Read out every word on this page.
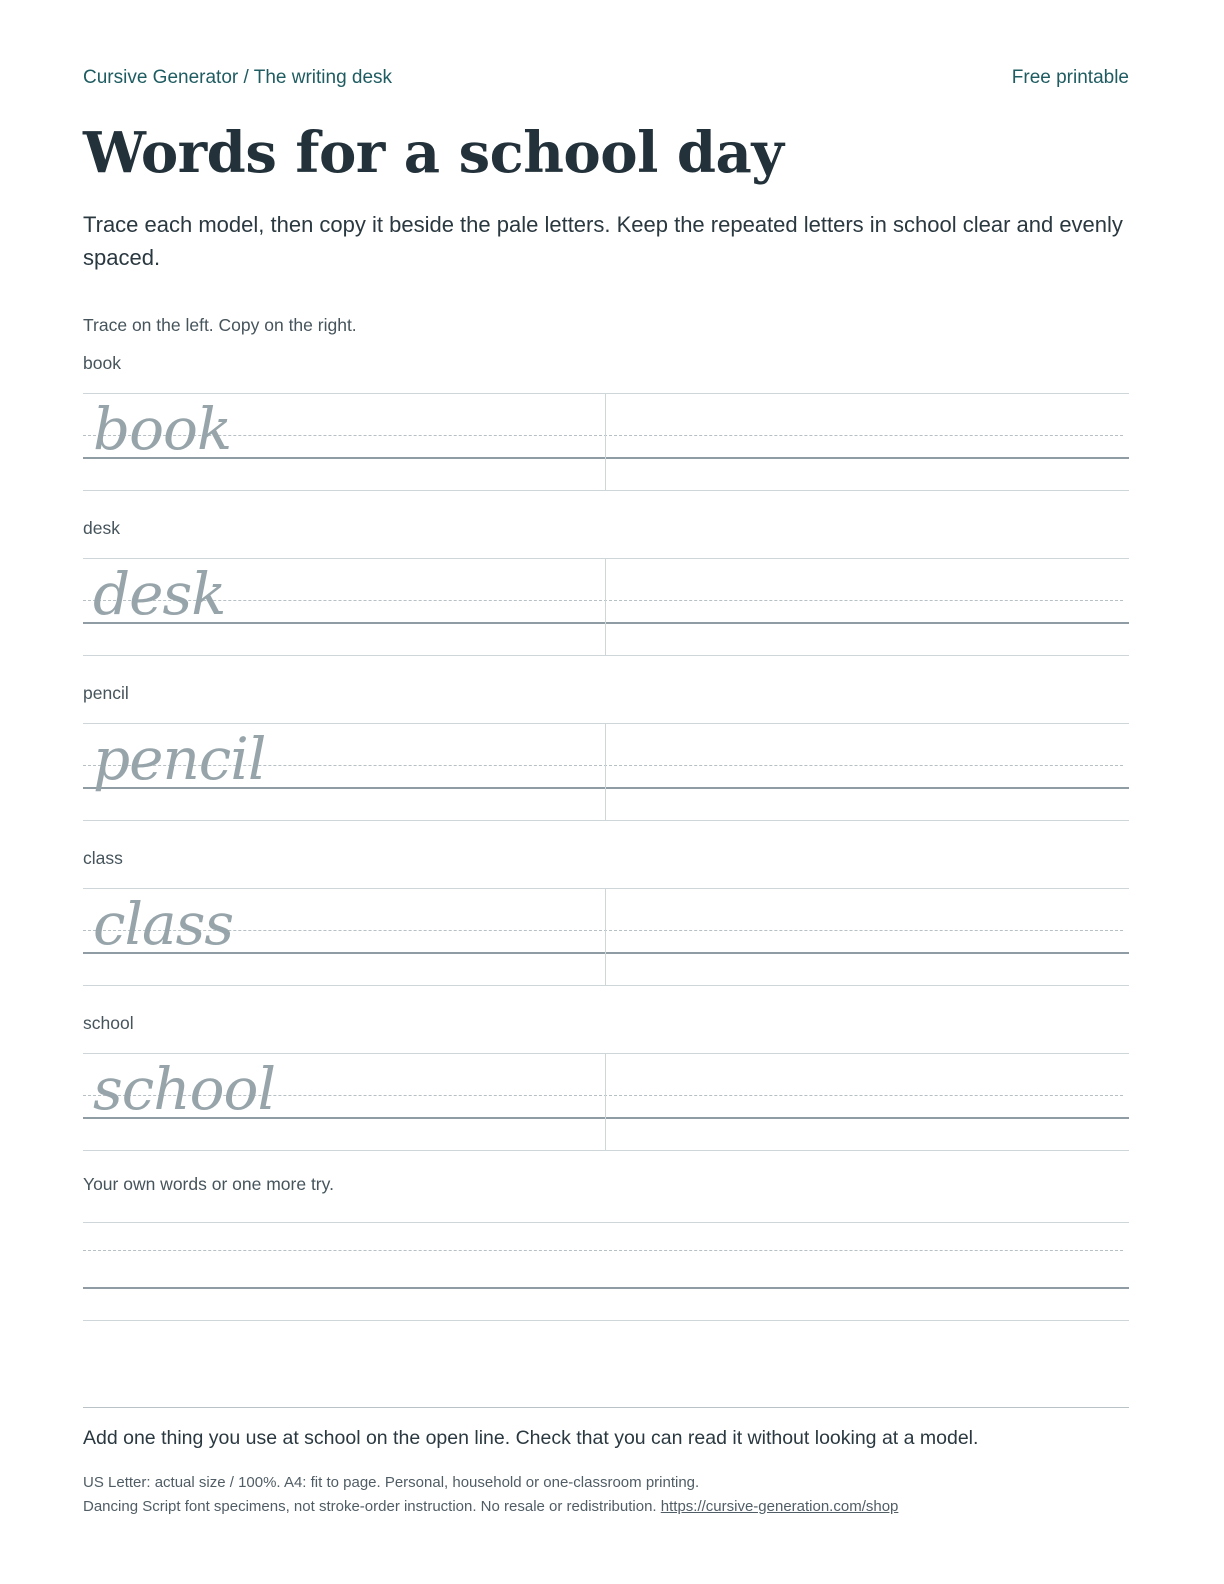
Cursive Generator / The writing desk	Free printable
Words for a school day
Trace each model, then copy it beside the pale letters. Keep the repeated letters in school clear and evenly spaced.
Trace on the left. Copy on the right.
book
book
desk
desk
pencil
pencil
class
class
school
school
Your own words or one more try.
Add one thing you use at school on the open line. Check that you can read it without looking at a model.
US Letter: actual size / 100%. A4: fit to page. Personal, household or one-classroom printing.
Dancing Script font specimens, not stroke-order instruction. No resale or redistribution. https://cursive-generation.com/shop
